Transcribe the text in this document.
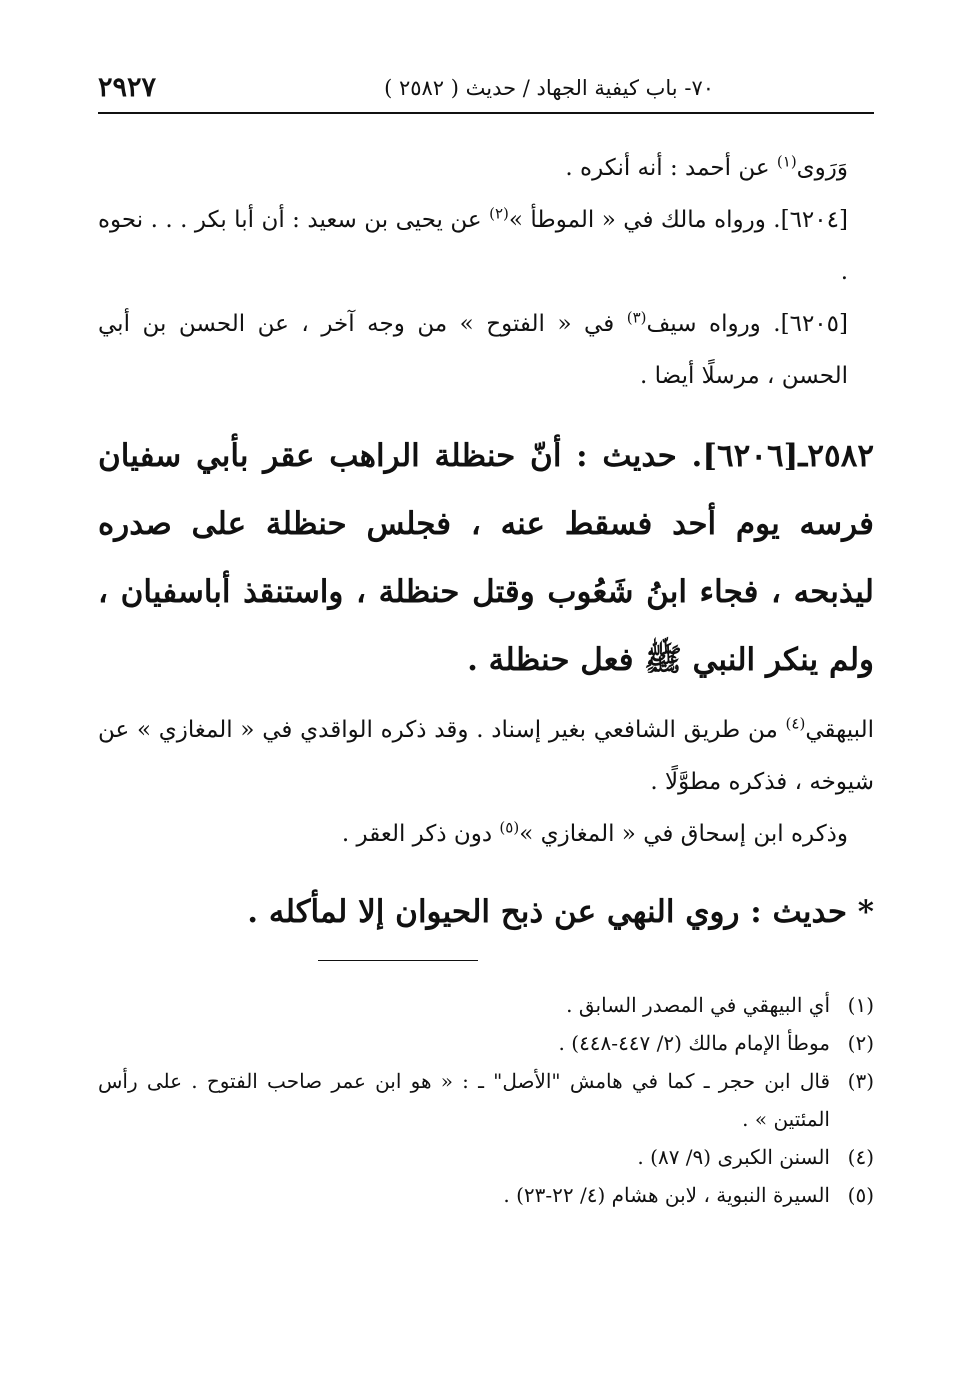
٧٠- باب كيفية الجهاد / حديث ( ٢٥٨٢ )
٢٩٢٧

وَرَوى$^{(١)}$ عن أحمد : أنه أنكره .

[٦٢٠٤]. ورواه مالك في « الموطأ »$^{(٢)}$ عن يحيى بن سعيد : أن أبا بكر . . . نحوه .

[٦٢٠٥]. ورواه سيف$^{(٣)}$ في « الفتوح » من وجه آخر ، عن الحسن بن أبي الحسن ، مرسلًا أيضا .

٢٥٨٢ـ[٦٢٠٦]. حديث : أنّ حنظلة الراهب عقر بأبي سفيان فرسه يوم أحد فسقط عنه ، فجلس حنظلة على صدره ليذبحه ، فجاء ابنُ شَعُوب وقتل حنظلة ، واستنقذ أباسفيان ، ولم ينكر النبي ﷺ فعل حنظلة .

البيهقي$^{(٤)}$ من طريق الشافعي بغير إسناد . وقد ذكره الواقدي في « المغازي » عن شيوخه ، فذكره مطوَّلًا .

وذكره ابن إسحاق في « المغازي »$^{(٥)}$ دون ذكر العقر .

* حديث : روي النهي عن ذبح الحيوان إلا لمأكله .

(١)
أي البيهقي في المصدر السابق .
(٢)
موطأ الإمام مالك (٢/ ٤٤٧-٤٤٨) .
(٣)
قال ابن حجر ـ كما في هامش "الأصل" ـ : « هو ابن عمر صاحب الفتوح . على رأس المئتين » .
(٤)
السنن الكبرى (٩/ ٨٧) .
(٥)
السيرة النبوية ، لابن هشام (٤/ ٢٢-٢٣) .
